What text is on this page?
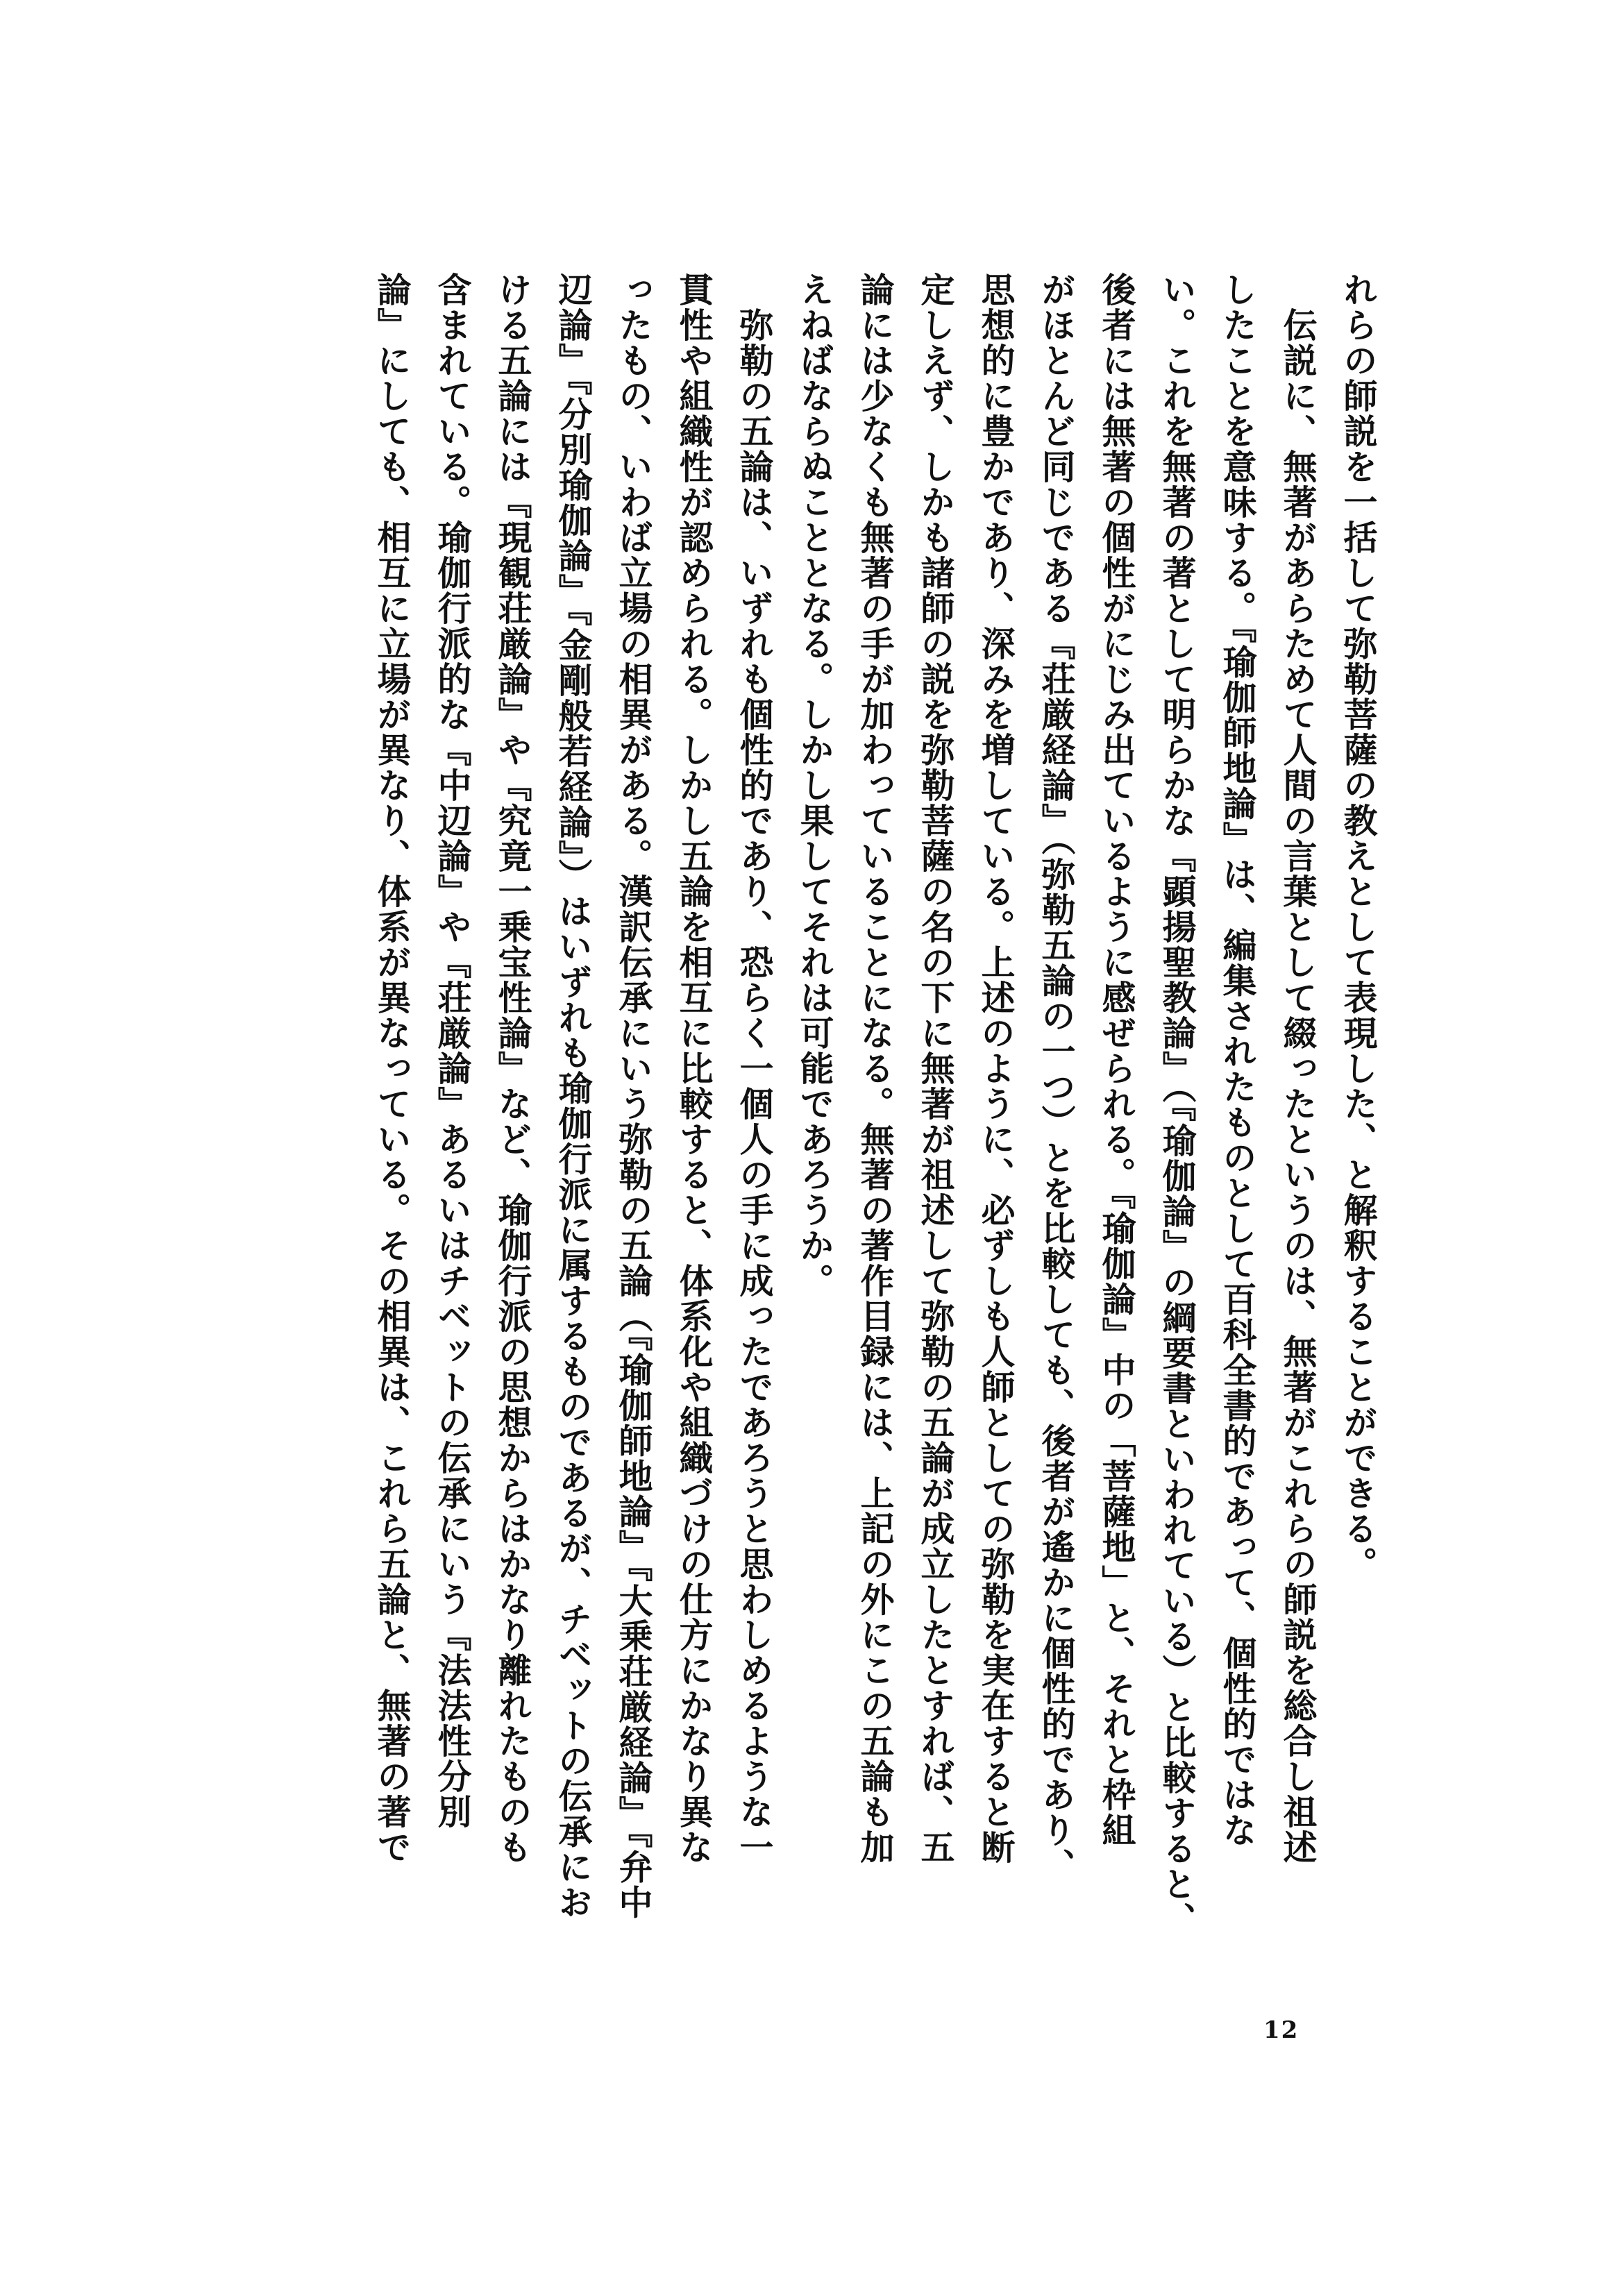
れらの師説を一括して弥勒菩薩の教えとして表現した、と解釈することができる。
　伝説に、無著があらためて人間の言葉として綴ったというのは、無著がこれらの師説を総合し祖述
したことを意味する。『瑜伽師地論』は、編集されたものとして百科全書的であって、個性的ではな
い。これを無著の著として明らかな『顕揚聖教論』（『瑜伽論』の綱要書といわれている）と比較すると、
後者には無著の個性がにじみ出ているように感ぜられる。『瑜伽論』中の「菩薩地」と、それと枠組
がほとんど同じである『荘厳経論』（弥勒五論の一つ）とを比較しても、後者が遙かに個性的であり、
思想的に豊かであり、深みを増している。上述のように、必ずしも人師としての弥勒を実在すると断
定しえず、しかも諸師の説を弥勒菩薩の名の下に無著が祖述して弥勒の五論が成立したとすれば、五
論には少なくも無著の手が加わっていることになる。無著の著作目録には、上記の外にこの五論も加
えねばならぬこととなる。しかし果してそれは可能であろうか。
　弥勒の五論は、いずれも個性的であり、恐らく一個人の手に成ったであろうと思わしめるような一
貫性や組織性が認められる。しかし五論を相互に比較すると、体系化や組織づけの仕方にかなり異な
ったもの、いわば立場の相異がある。漢訳伝承にいう弥勒の五論（『瑜伽師地論』『大乗荘厳経論』『弁中
辺論』『分別瑜伽論』『金剛般若経論』）はいずれも瑜伽行派に属するものであるが、チベットの伝承にお
ける五論には『現観荘厳論』や『究竟一乗宝性論』など、瑜伽行派の思想からはかなり離れたものも
含まれている。瑜伽行派的な『中辺論』や『荘厳論』あるいはチベットの伝承にいう『法法性分別
論』にしても、相互に立場が異なり、体系が異なっている。その相異は、これら五論と、無著の著で
12
